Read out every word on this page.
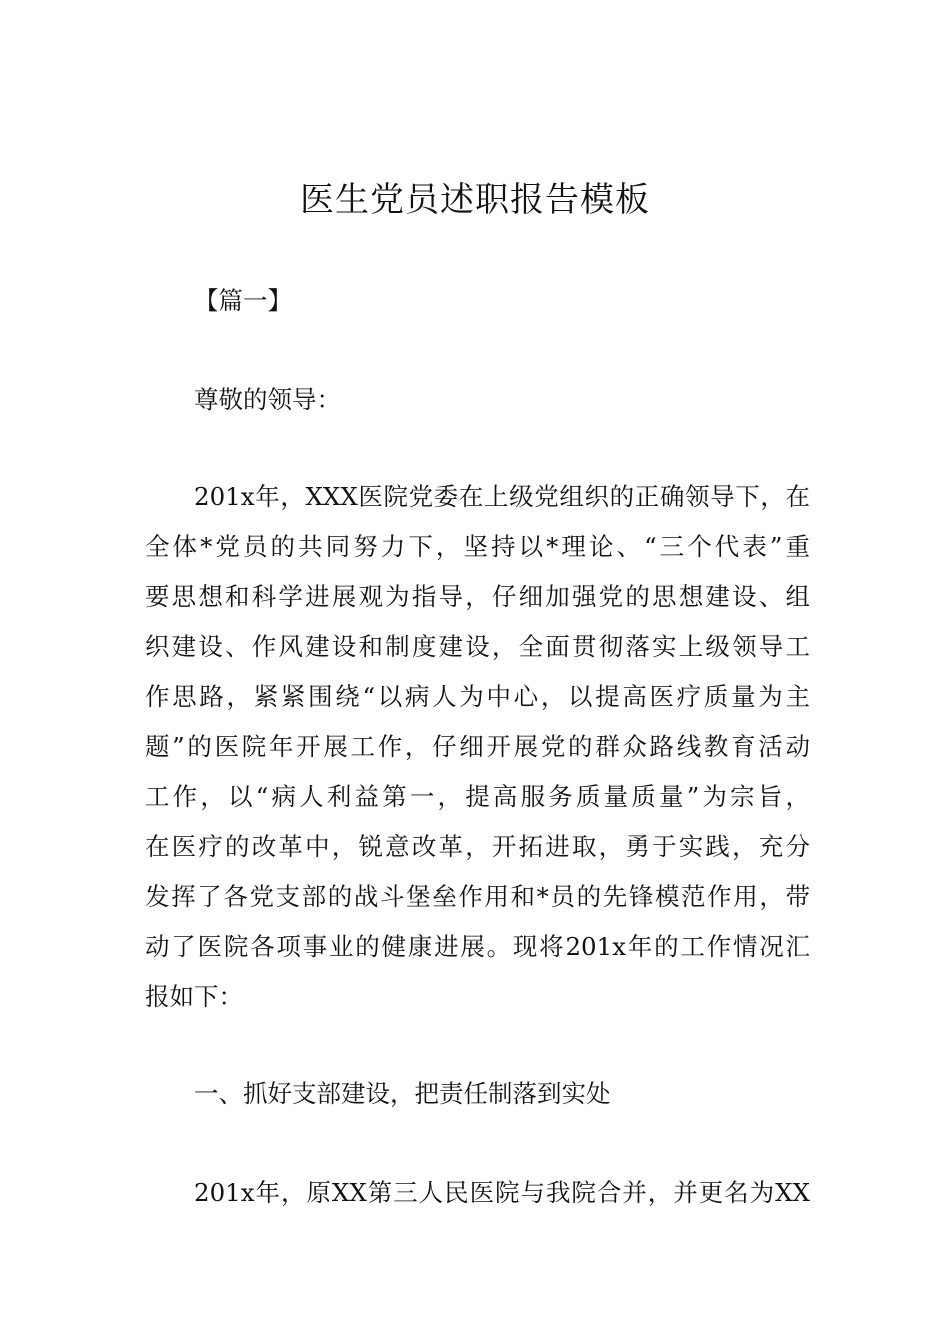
医生党员述职报告模板
【篇一】
尊敬的领导：
201x年，XXX医院党委在上级党组织的正确领导下，在
全体*党员的共同努力下，坚持以*理论、“三个代表”重
要思想和科学进展观为指导，仔细加强党的思想建设、组
织建设、作风建设和制度建设，全面贯彻落实上级领导工
作思路，紧紧围绕“以病人为中心，以提高医疗质量为主
题”的医院年开展工作，仔细开展党的群众路线教育活动
工作，以“病人利益第一，提高服务质量质量”为宗旨，
在医疗的改革中，锐意改革，开拓进取，勇于实践，充分
发挥了各党支部的战斗堡垒作用和*员的先锋模范作用，带
动了医院各项事业的健康进展。现将201x年的工作情况汇
报如下：
一、抓好支部建设，把责任制落到实处
201x年，原XX第三人民医院与我院合并，并更名为XX
